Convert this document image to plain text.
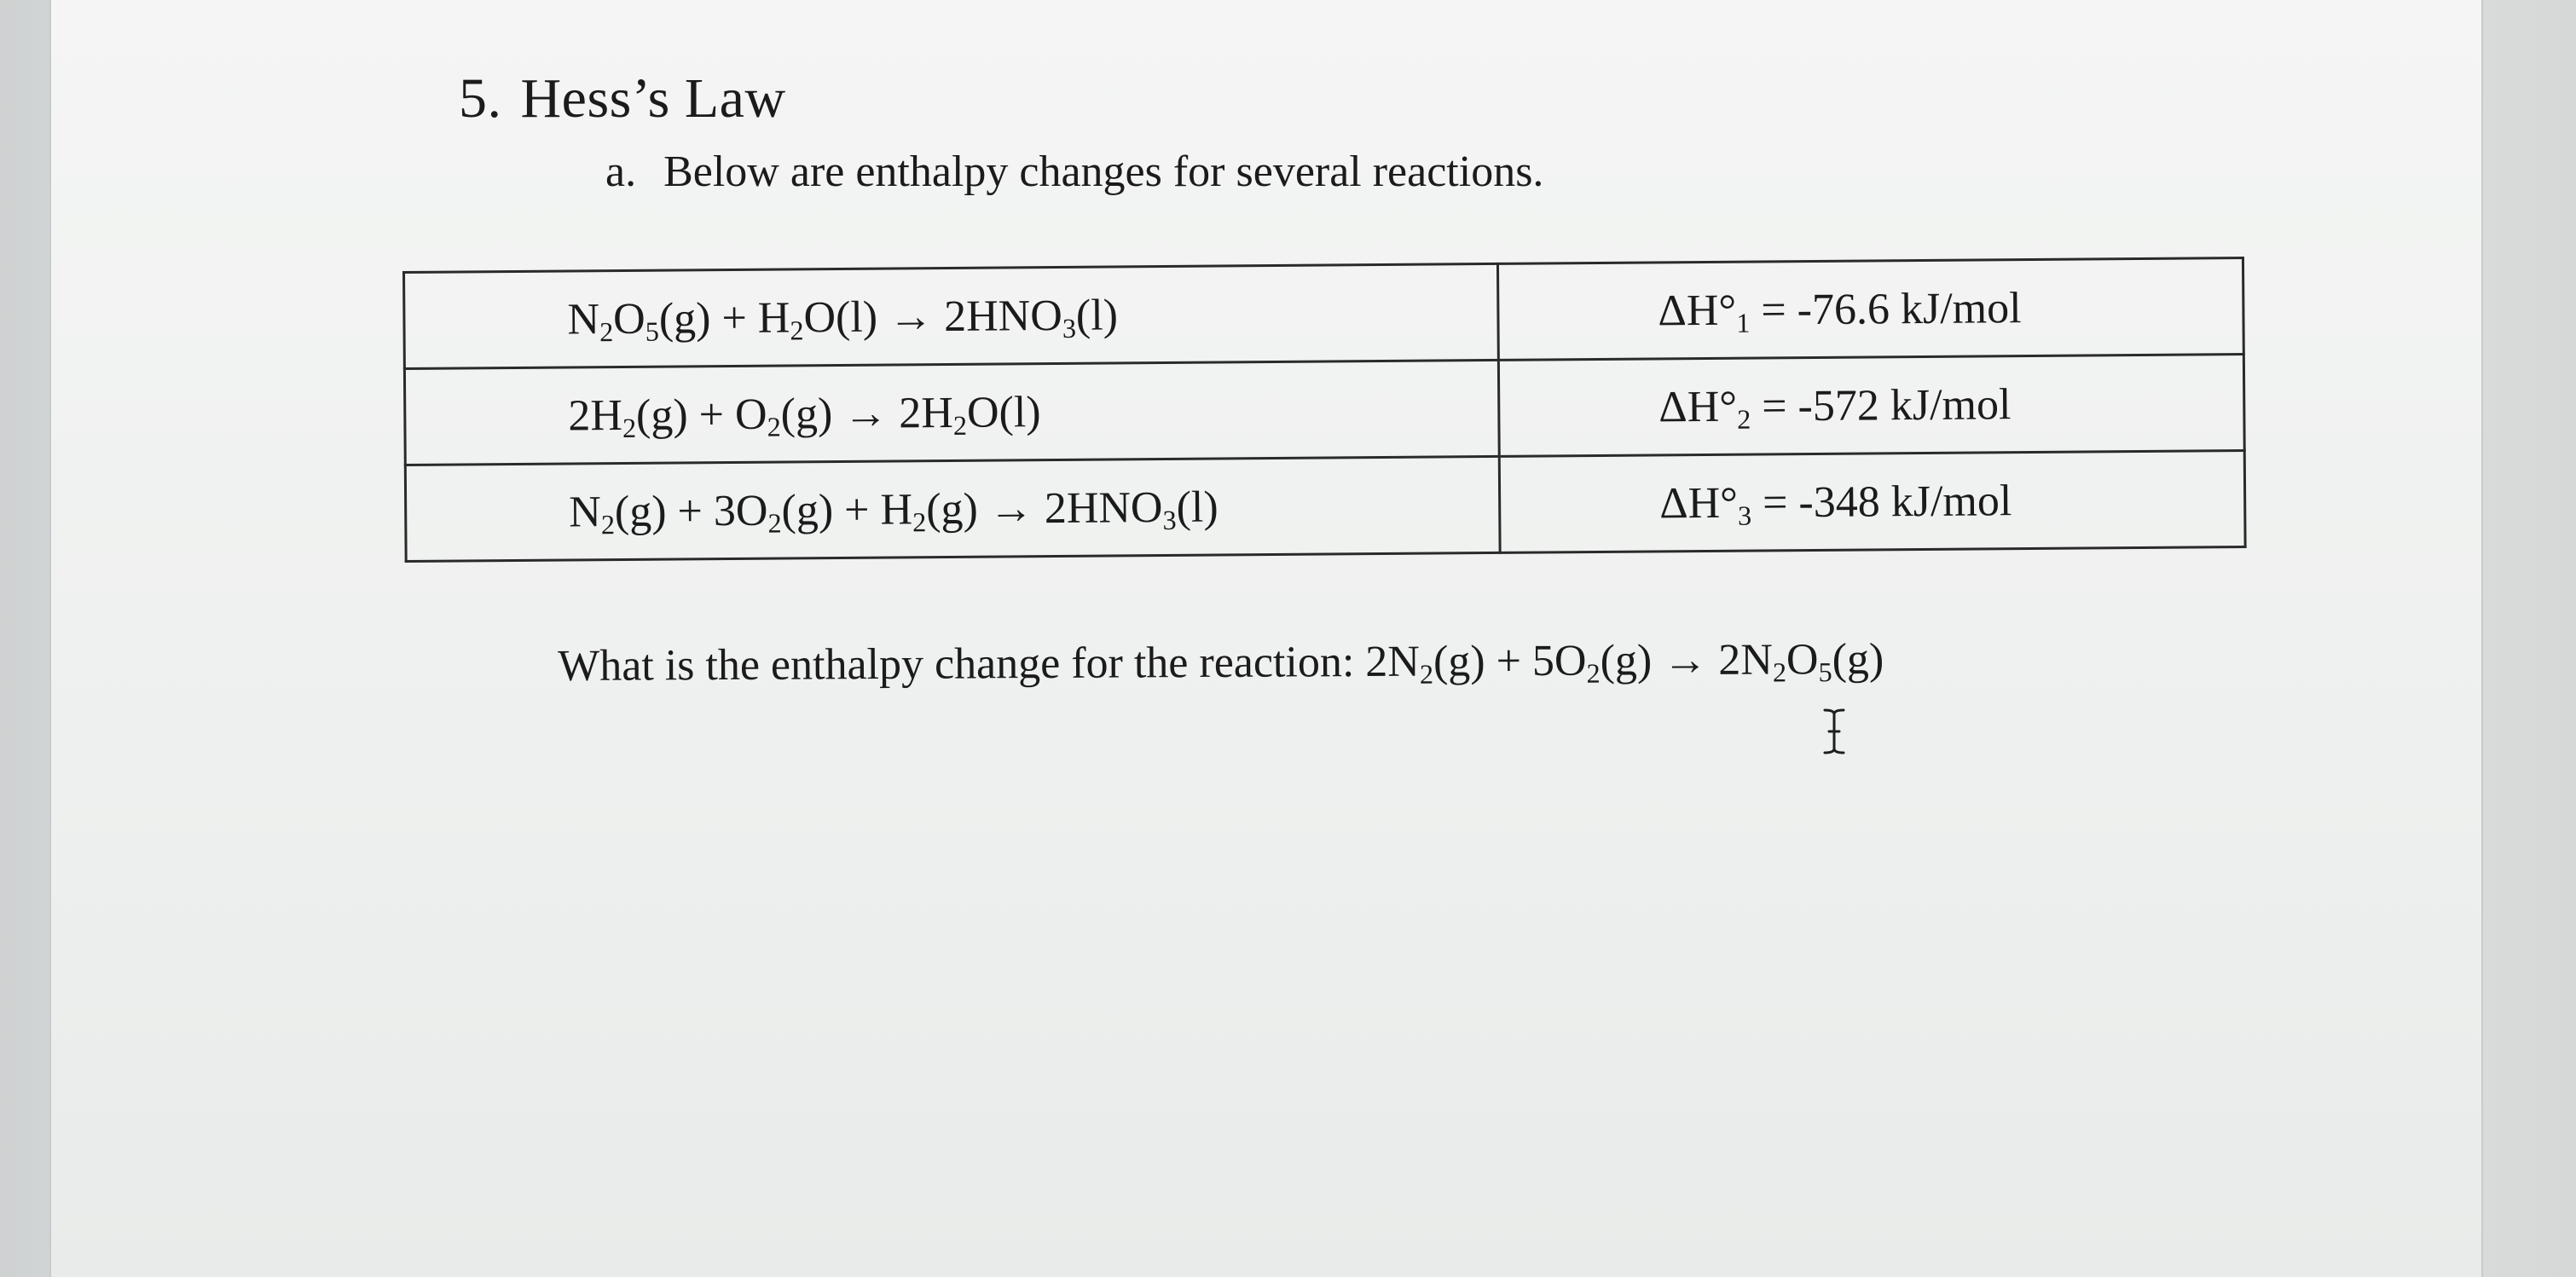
5. Hess’s Law
a. Below are enthalpy changes for several reactions.
$N_2O_5(g) + H_2O(l) \to 2HNO_3(l)$	$\Delta H^\circ_1 = -76.6$ kJ/mol
$2H_2(g) + O_2(g) \to 2H_2O(l)$	$\Delta H^\circ_2 = -572$ kJ/mol
$N_2(g) + 3O_2(g) + H_2(g) \to 2HNO_3(l)$	$\Delta H^\circ_3 = -348$ kJ/mol
What is the enthalpy change for the reaction: $2N_2(g) + 5O_2(g) \to 2N_2O_5(g)$
